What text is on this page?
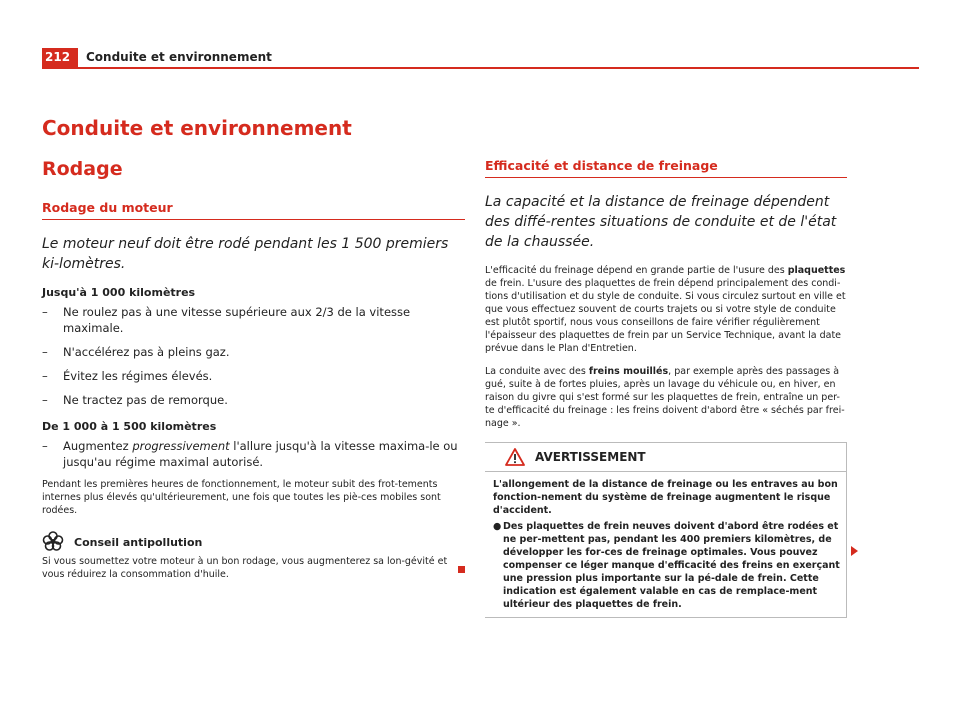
212	Conduite et environnement
Conduite et environnement
Rodage
Rodage du moteur
Le moteur neuf doit être rodé pendant les 1 500 premiers ki-lomètres.
Jusqu'à 1 000 kilomètres
– Ne roulez pas à une vitesse supérieure aux 2/3 de la vitesse maximale.
– N'accélérez pas à pleins gaz.
– Évitez les régimes élevés.
– Ne tractez pas de remorque.
De 1 000 à 1 500 kilomètres
– Augmentez progressivement l'allure jusqu'à la vitesse maxima-le ou jusqu'au régime maximal autorisé.
Pendant les premières heures de fonctionnement, le moteur subit des frot-tements internes plus élevés qu'ultérieurement, une fois que toutes les piè-ces mobiles sont rodées.
Conseil antipollution
Si vous soumettez votre moteur à un bon rodage, vous augmenterez sa lon-gévité et vous réduirez la consommation d'huile.
Efficacité et distance de freinage
La capacité et la distance de freinage dépendent des diffé-rentes situations de conduite et de l'état de la chaussée.
L'efficacité du freinage dépend en grande partie de l'usure des plaquettes de frein. L'usure des plaquettes de frein dépend principalement des condi-tions d'utilisation et du style de conduite. Si vous circulez surtout en ville et que vous effectuez souvent de courts trajets ou si votre style de conduite est plutôt sportif, nous vous conseillons de faire vérifier régulièrement l'épaisseur des plaquettes de frein par un Service Technique, avant la date prévue dans le Plan d'Entretien.
La conduite avec des freins mouillés, par exemple après des passages à gué, suite à de fortes pluies, après un lavage du véhicule ou, en hiver, en raison du givre qui s'est formé sur les plaquettes de frein, entraîne un per-te d'efficacité du freinage : les freins doivent d'abord être « séchés par frei-nage ».
AVERTISSEMENT
L'allongement de la distance de freinage ou les entraves au bon fonction-nement du système de freinage augmentent le risque d'accident.
● Des plaquettes de frein neuves doivent d'abord être rodées et ne per-mettent pas, pendant les 400 premiers kilomètres, de développer les for-ces de freinage optimales. Vous pouvez compenser ce léger manque d'efficacité des freins en exerçant une pression plus importante sur la pé-dale de frein. Cette indication est également valable en cas de remplace-ment ultérieur des plaquettes de frein.
